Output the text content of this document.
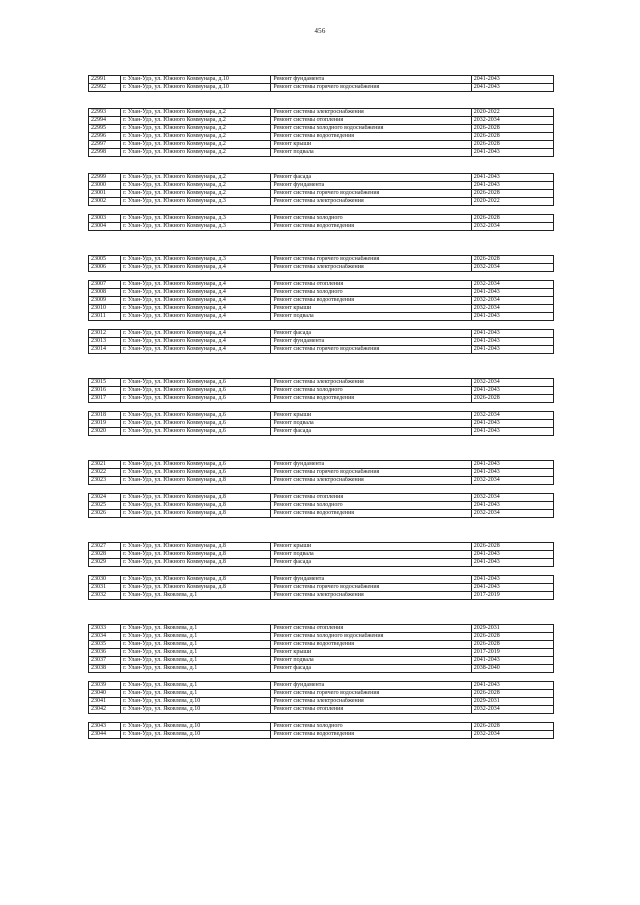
456
22991	г. Улан-Удэ, ул. Южного Коммунара, д.10	Ремонт фундамента	2041-2043
22992	г. Улан-Удэ, ул. Южного Коммунара, д.10	Ремонт системы горячего водоснабжения	2041-2043

22993	г. Улан-Удэ, ул. Южного Коммунара, д.2	Ремонт системы электроснабжения	2020-2022
22994	г. Улан-Удэ, ул. Южного Коммунара, д.2	Ремонт системы отопления	2032-2034
22995	г. Улан-Удэ, ул. Южного Коммунара, д.2	Ремонт системы холодного водоснабжения	2026-2028
22996	г. Улан-Удэ, ул. Южного Коммунара, д.2	Ремонт системы водоотведения	2026-2028
22997	г. Улан-Удэ, ул. Южного Коммунара, д.2	Ремонт крыши	2026-2028
22998	г. Улан-Удэ, ул. Южного Коммунара, д.2	Ремонт подвала	2041-2043

22999	г. Улан-Удэ, ул. Южного Коммунара, д.2	Ремонт фасада	2041-2043
23000	г. Улан-Удэ, ул. Южного Коммунара, д.2	Ремонт фундамента	2041-2043
23001	г. Улан-Удэ, ул. Южного Коммунара, д.2	Ремонт системы горячего водоснабжения	2026-2028
23002	г. Улан-Удэ, ул. Южного Коммунара, д.3	Ремонт системы электроснабжения	2020-2022

23003	г. Улан-Удэ, ул. Южного Коммунара, д.3	Ремонт системы холодного	2026-2028
23004	г. Улан-Удэ, ул. Южного Коммунара, д.3	Ремонт системы водоотведения	2032-2034

23005	г. Улан-Удэ, ул. Южного Коммунара, д.3	Ремонт системы горячего водоснабжения	2026-2028
23006	г. Улан-Удэ, ул. Южного Коммунара, д.4	Ремонт системы электроснабжения	2032-2034

23007	г. Улан-Удэ, ул. Южного Коммунара, д.4	Ремонт системы отопления	2032-2034
23008	г. Улан-Удэ, ул. Южного Коммунара, д.4	Ремонт системы холодного	2041-2043
23009	г. Улан-Удэ, ул. Южного Коммунара, д.4	Ремонт системы водоотведения	2032-2034
23010	г. Улан-Удэ, ул. Южного Коммунара, д.4	Ремонт крыши	2032-2034
23011	г. Улан-Удэ, ул. Южного Коммунара, д.4	Ремонт подвала	2041-2043

23012	г. Улан-Удэ, ул. Южного Коммунара, д.4	Ремонт фасада	2041-2043
23013	г. Улан-Удэ, ул. Южного Коммунара, д.4	Ремонт фундамента	2041-2043
23014	г. Улан-Удэ, ул. Южного Коммунара, д.4	Ремонт системы горячего водоснабжения	2041-2043

23015	г. Улан-Удэ, ул. Южного Коммунара, д.6	Ремонт системы электроснабжения	2032-2034
23016	г. Улан-Удэ, ул. Южного Коммунара, д.6	Ремонт системы холодного	2041-2043
23017	г. Улан-Удэ, ул. Южного Коммунара, д.6	Ремонт системы водоотведения	2026-2028

23018	г. Улан-Удэ, ул. Южного Коммунара, д.6	Ремонт крыши	2032-2034
23019	г. Улан-Удэ, ул. Южного Коммунара, д.6	Ремонт подвала	2041-2043
23020	г. Улан-Удэ, ул. Южного Коммунара, д.6	Ремонт фасада	2041-2043

23021	г. Улан-Удэ, ул. Южного Коммунара, д.6	Ремонт фундамента	2041-2043
23022	г. Улан-Удэ, ул. Южного Коммунара, д.6	Ремонт системы горячего водоснабжения	2041-2043
23023	г. Улан-Удэ, ул. Южного Коммунара, д.8	Ремонт системы электроснабжения	2032-2034

23024	г. Улан-Удэ, ул. Южного Коммунара, д.8	Ремонт системы отопления	2032-2034
23025	г. Улан-Удэ, ул. Южного Коммунара, д.8	Ремонт системы холодного	2041-2043
23026	г. Улан-Удэ, ул. Южного Коммунара, д.8	Ремонт системы водоотведения	2032-2034

23027	г. Улан-Удэ, ул. Южного Коммунара, д.8	Ремонт крыши	2026-2028
23028	г. Улан-Удэ, ул. Южного Коммунара, д.8	Ремонт подвала	2041-2043
23029	г. Улан-Удэ, ул. Южного Коммунара, д.8	Ремонт фасада	2041-2043

23030	г. Улан-Удэ, ул. Южного Коммунара, д.8	Ремонт фундамента	2041-2043
23031	г. Улан-Удэ, ул. Южного Коммунара, д.8	Ремонт системы горячего водоснабжения	2041-2043
23032	г. Улан-Удэ, ул. Яковлева, д.1	Ремонт системы электроснабжения	2017-2019

23033	г. Улан-Удэ, ул. Яковлева, д.1	Ремонт системы отопления	2029-2031
23034	г. Улан-Удэ, ул. Яковлева, д.1	Ремонт системы холодного водоснабжения	2026-2028
23035	г. Улан-Удэ, ул. Яковлева, д.1	Ремонт системы водоотведения	2026-2028
23036	г. Улан-Удэ, ул. Яковлева, д.1	Ремонт крыши	2017-2019
23037	г. Улан-Удэ, ул. Яковлева, д.1	Ремонт подвала	2041-2043
23038	г. Улан-Удэ, ул. Яковлева, д.1	Ремонт фасада	2038-2040

23039	г. Улан-Удэ, ул. Яковлева, д.1	Ремонт фундамента	2041-2043
23040	г. Улан-Удэ, ул. Яковлева, д.1	Ремонт системы горячего водоснабжения	2026-2028
23041	г. Улан-Удэ, ул. Яковлева, д.10	Ремонт системы электроснабжения	2029-2031
23042	г. Улан-Удэ, ул. Яковлева, д.10	Ремонт системы отопления	2032-2034

23043	г. Улан-Удэ, ул. Яковлева, д.10	Ремонт системы холодного	2026-2028
23044	г. Улан-Удэ, ул. Яковлева, д.10	Ремонт системы водоотведения	2032-2034
